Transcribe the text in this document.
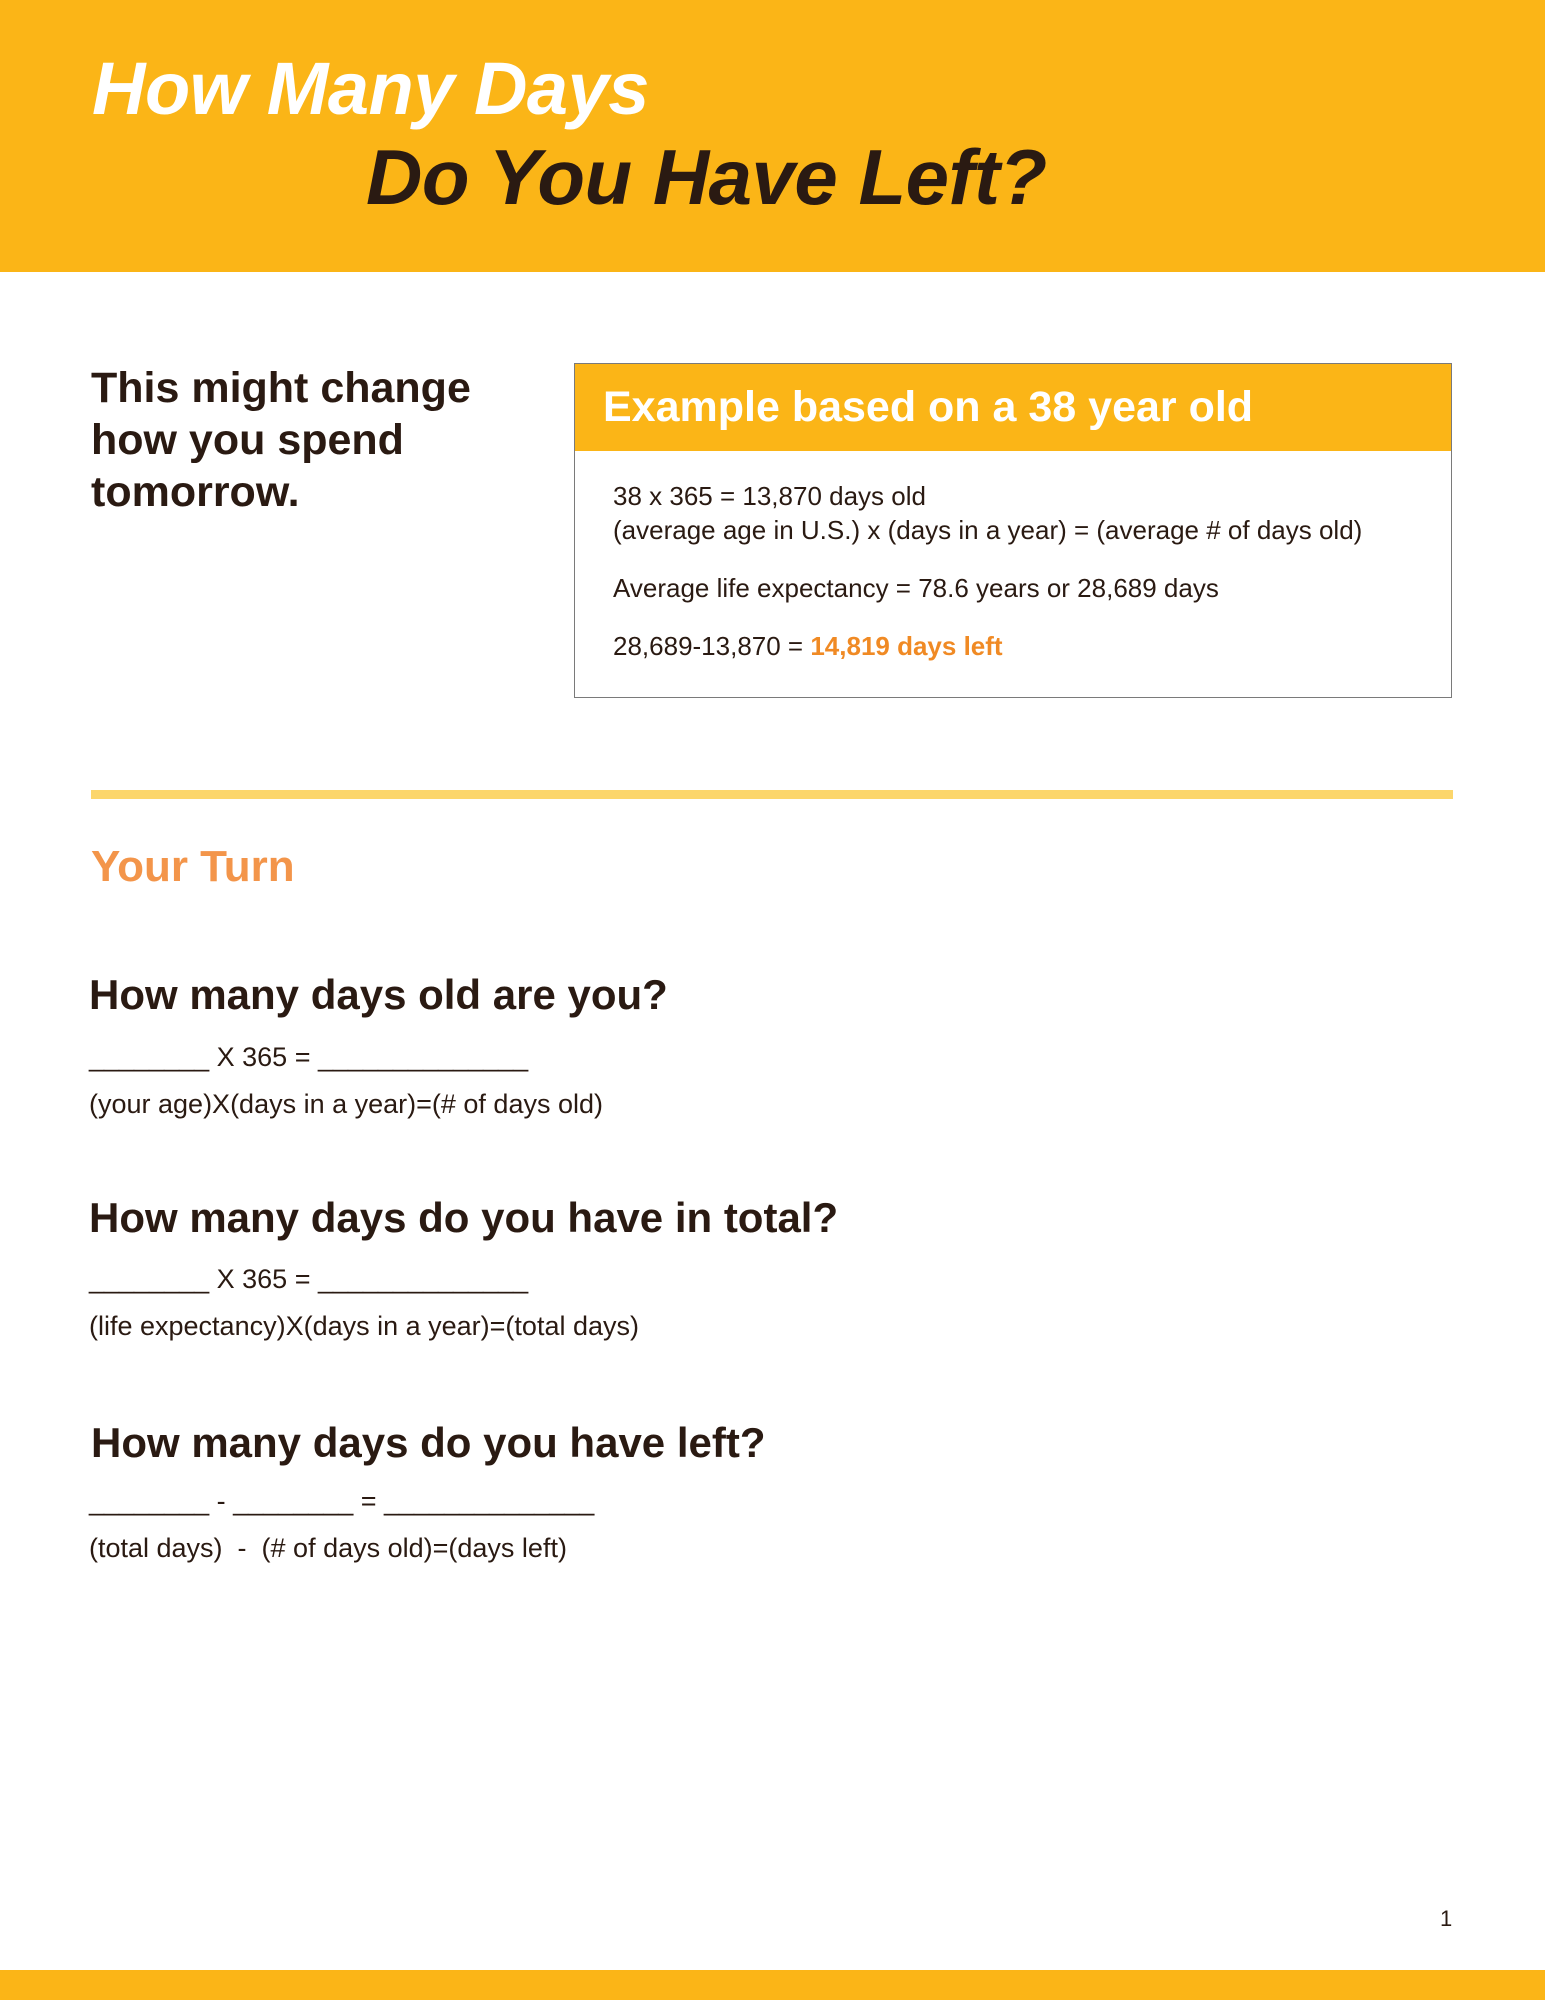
How Many Days
Do You Have Left?
This might change how you spend tomorrow.
Example based on a 38 year old
38 x 365 = 13,870 days old
(average age in U.S.) x (days in a year) = (average # of days old)
Average life expectancy = 78.6 years or 28,689 days
28,689-13,870 = 14,819 days left
Your Turn
How many days old are you?
________ X 365 = ______________
(your age)X(days in a year)=(# of days old)
How many days do you have in total?
________ X 365 = ______________
(life expectancy)X(days in a year)=(total days)
How many days do you have left?
________ - ________ = ______________
(total days)  -  (# of days old)=(days left)
1
